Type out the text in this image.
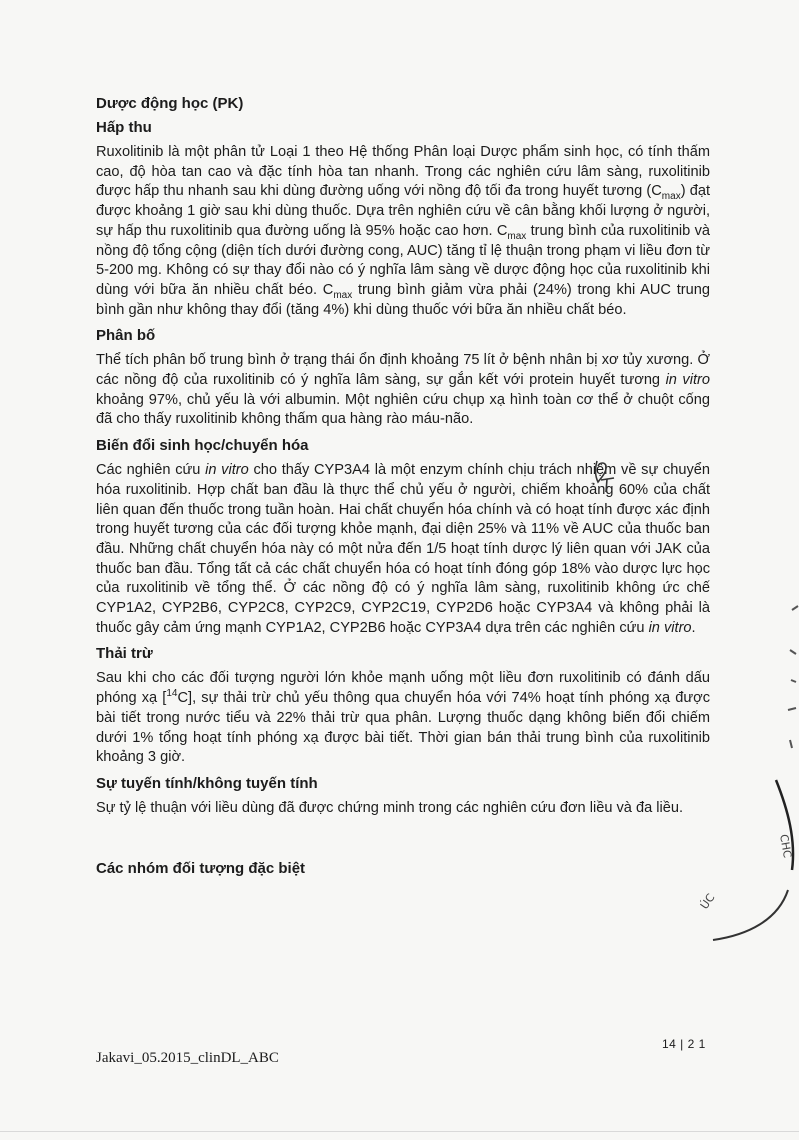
Dược động học (PK)
Hấp thu

Ruxolitinib là một phân tử Loại 1 theo Hệ thống Phân loại Dược phẩm sinh học, có tính thấm cao, độ hòa tan cao và đặc tính hòa tan nhanh. Trong các nghiên cứu lâm sàng, ruxolitinib được hấp thu nhanh sau khi dùng đường uống với nồng độ tối đa trong huyết tương $(C_{max})$ đạt được khoảng 1 giờ sau khi dùng thuốc. Dựa trên nghiên cứu về cân bằng khối lượng ở người, sự hấp thu ruxolitinib qua đường uống là 95% hoặc cao hơn. $C_{max}$ trung bình của ruxolitinib và nồng độ tổng cộng (diện tích dưới đường cong, AUC) tăng tỉ lệ thuận trong phạm vi liều đơn từ 5-200 mg. Không có sự thay đổi nào có ý nghĩa lâm sàng về dược động học của ruxolitinib khi dùng với bữa ăn nhiều chất béo. $C_{max}$ trung bình giảm vừa phải (24%) trong khi AUC trung bình gần như không thay đổi (tăng 4%) khi dùng thuốc với bữa ăn nhiều chất béo.

Phân bố

Thể tích phân bố trung bình ở trạng thái ổn định khoảng 75 lít ở bệnh nhân bị xơ tủy xương. Ở các nồng độ của ruxolitinib có ý nghĩa lâm sàng, sự gắn kết với protein huyết tương in vitro khoảng 97%, chủ yếu là với albumin. Một nghiên cứu chụp xạ hình toàn cơ thể ở chuột cống đã cho thấy ruxolitinib không thấm qua hàng rào máu-não.

Biến đổi sinh học/chuyển hóa

Các nghiên cứu in vitro cho thấy CYP3A4 là một enzym chính chịu trách nhiệm về sự chuyển hóa ruxolitinib. Hợp chất ban đầu là thực thể chủ yếu ở người, chiếm khoảng 60% của chất liên quan đến thuốc trong tuần hoàn. Hai chất chuyển hóa chính và có hoạt tính được xác định trong huyết tương của các đối tượng khỏe mạnh, đại diện 25% và 11% về AUC của thuốc ban đầu. Những chất chuyển hóa này có một nửa đến 1/5 hoạt tính dược lý liên quan với JAK của thuốc ban đầu. Tổng tất cả các chất chuyển hóa có hoạt tính đóng góp 18% vào dược lực học của ruxolitinib về tổng thể. Ở các nồng độ có ý nghĩa lâm sàng, ruxolitinib không ức chế CYP1A2, CYP2B6, CYP2C8, CYP2C9, CYP2C19, CYP2D6 hoặc CYP3A4 và không phải là thuốc gây cảm ứng mạnh CYP1A2, CYP2B6 hoặc CYP3A4 dựa trên các nghiên cứu in vitro.

Thải trừ

Sau khi cho các đối tượng người lớn khỏe mạnh uống một liều đơn ruxolitinib có đánh dấu phóng xạ [$^{14}$C], sự thải trừ chủ yếu thông qua chuyển hóa với 74% hoạt tính phóng xạ được bài tiết trong nước tiểu và 22% thải trừ qua phân. Lượng thuốc dạng không biến đổi chiếm dưới 1% tổng hoạt tính phóng xạ được bài tiết. Thời gian bán thải trung bình của ruxolitinib khoảng 3 giờ.

Sự tuyến tính/không tuyến tính

Sự tỷ lệ thuận với liều dùng đã được chứng minh trong các nghiên cứu đơn liều và đa liều.

Các nhóm đối tượng đặc biệt
CHC
ÚC
Jakavi_05.2015_clinDL_ABC
14 | 2 1
